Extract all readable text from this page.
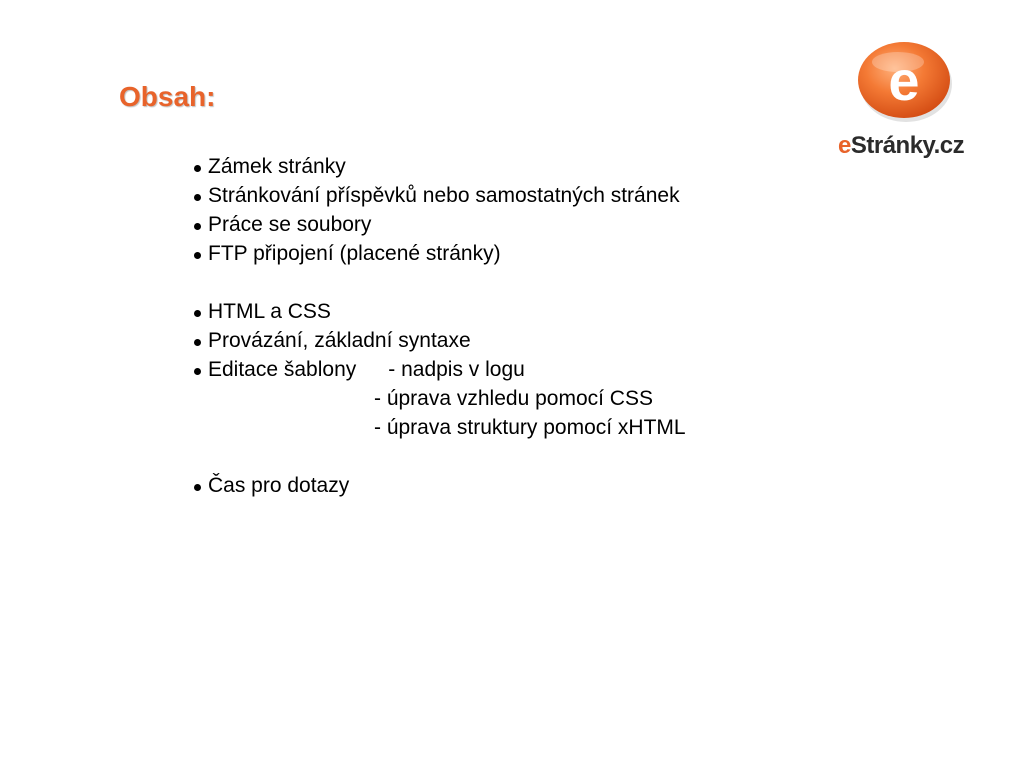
Obsah:	e
eStránky.cz
Zámek stránky
Stránkování příspěvků nebo samostatných stránek
Práce se soubory
FTP připojení (placené stránky)
HTML a CSS
Provázání, základní syntaxe
Editace šablony - nadpis v logu
- úprava vzhledu pomocí CSS
- úprava struktury pomocí xHTML
Čas pro dotazy
